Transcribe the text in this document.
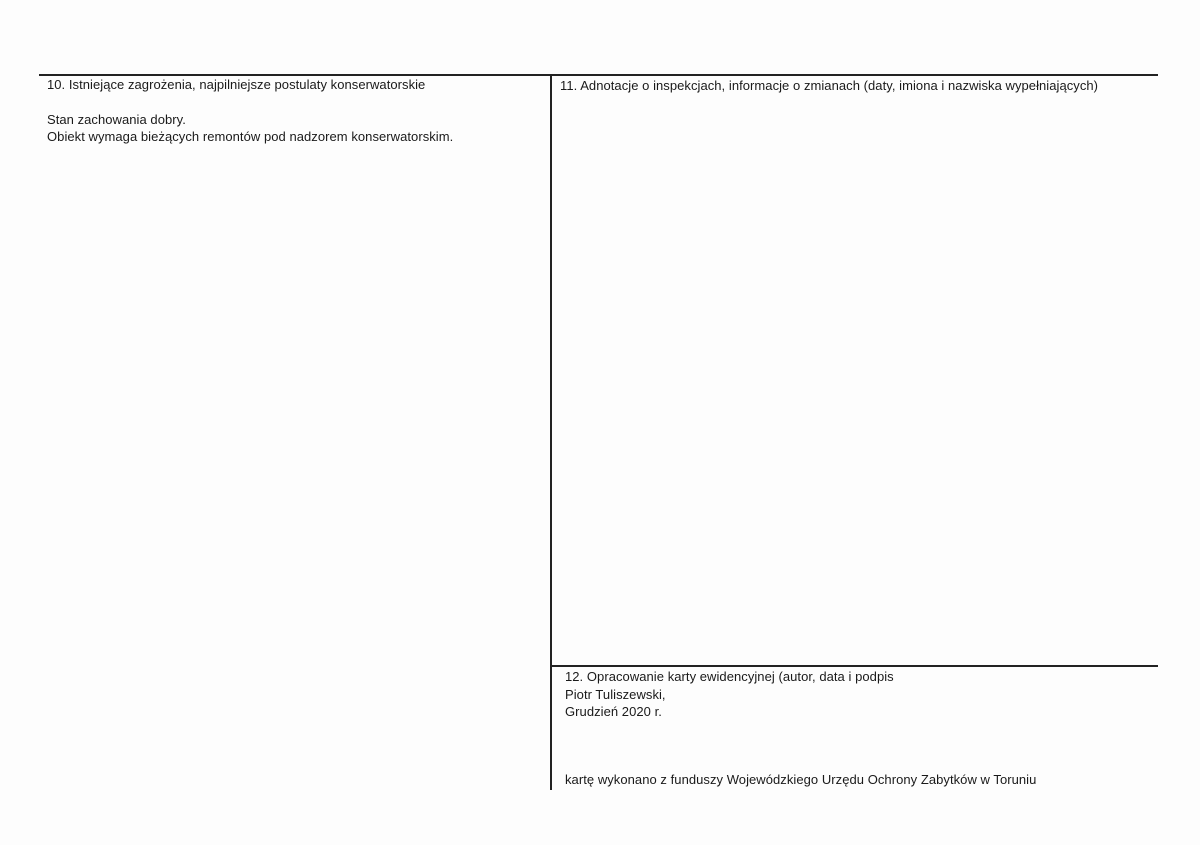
10. Istniejące zagrożenia, najpilniejsze postulaty konserwatorskie
Stan zachowania dobry.
Obiekt wymaga bieżących remontów pod nadzorem konserwatorskim.
11. Adnotacje o inspekcjach, informacje o zmianach (daty, imiona i nazwiska wypełniających)
12. Opracowanie karty ewidencyjnej (autor, data i podpis
Piotr Tuliszewski,
Grudzień 2020 r.
kartę wykonano z funduszy Wojewódzkiego Urzędu Ochrony Zabytków w Toruniu
